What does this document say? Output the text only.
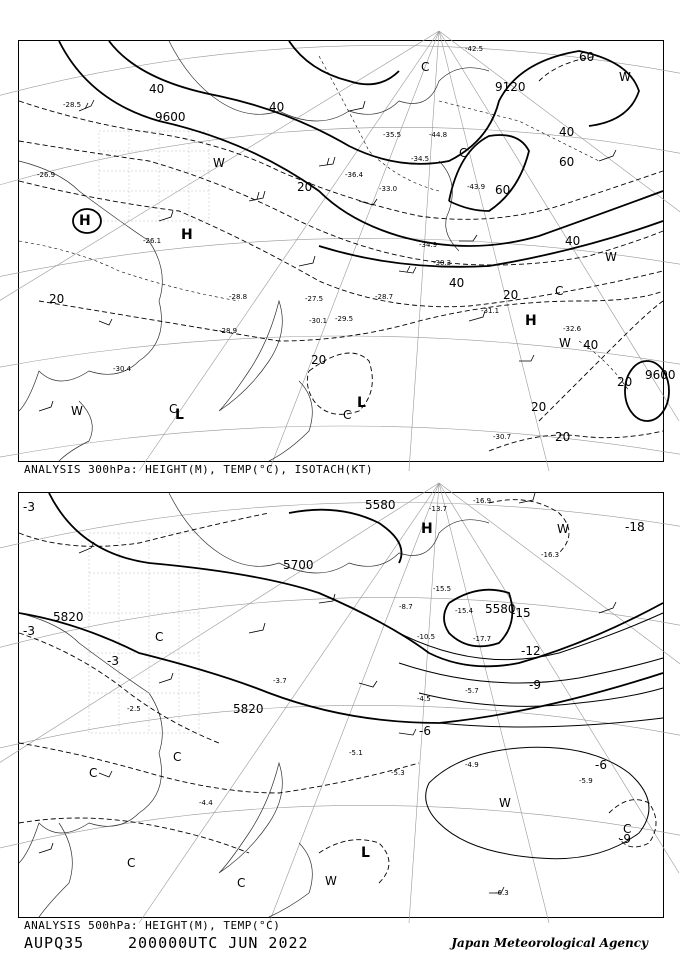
9600
9120
9600
40
40
40
60
60
60
20
20
20
20
20
20
40
40
40
20
H
H
H
L
L
W
W
W
W
C	C
C
C
C
W
-28.5
-26.9
-30.4
-29.5
-30.1
-31.1
-28.9
-30.7
-34.5
-33.0
-36.4
-35.5	-44.8
-43.9
-42.5
-34.9
-30.3
-28.7
-27.5
-28.8
-32.6
-26.1
ANALYSIS 300hPa: HEIGHT(M), TEMP(°C), ISOTACH(KT)
5580
5700
5820
5820
5580
-3
-3
-15
-12
-9
-6
-3
-18
-9
-6
H
L
W
W
W
C
C
C
C
C
C
-16.9
-13.7
-15.5
-10.5
-8.7
-5.7
-4.5
-4.9
-5.9
-6.3
-3.7
-5.1
-5.3
-4.4
-2.5
-17.7
-15.4
-16.3
ANALYSIS 500hPa: HEIGHT(M), TEMP(°C)
AUPQ35	200000UTC JUN 2022	Japan Meteorological Agency
